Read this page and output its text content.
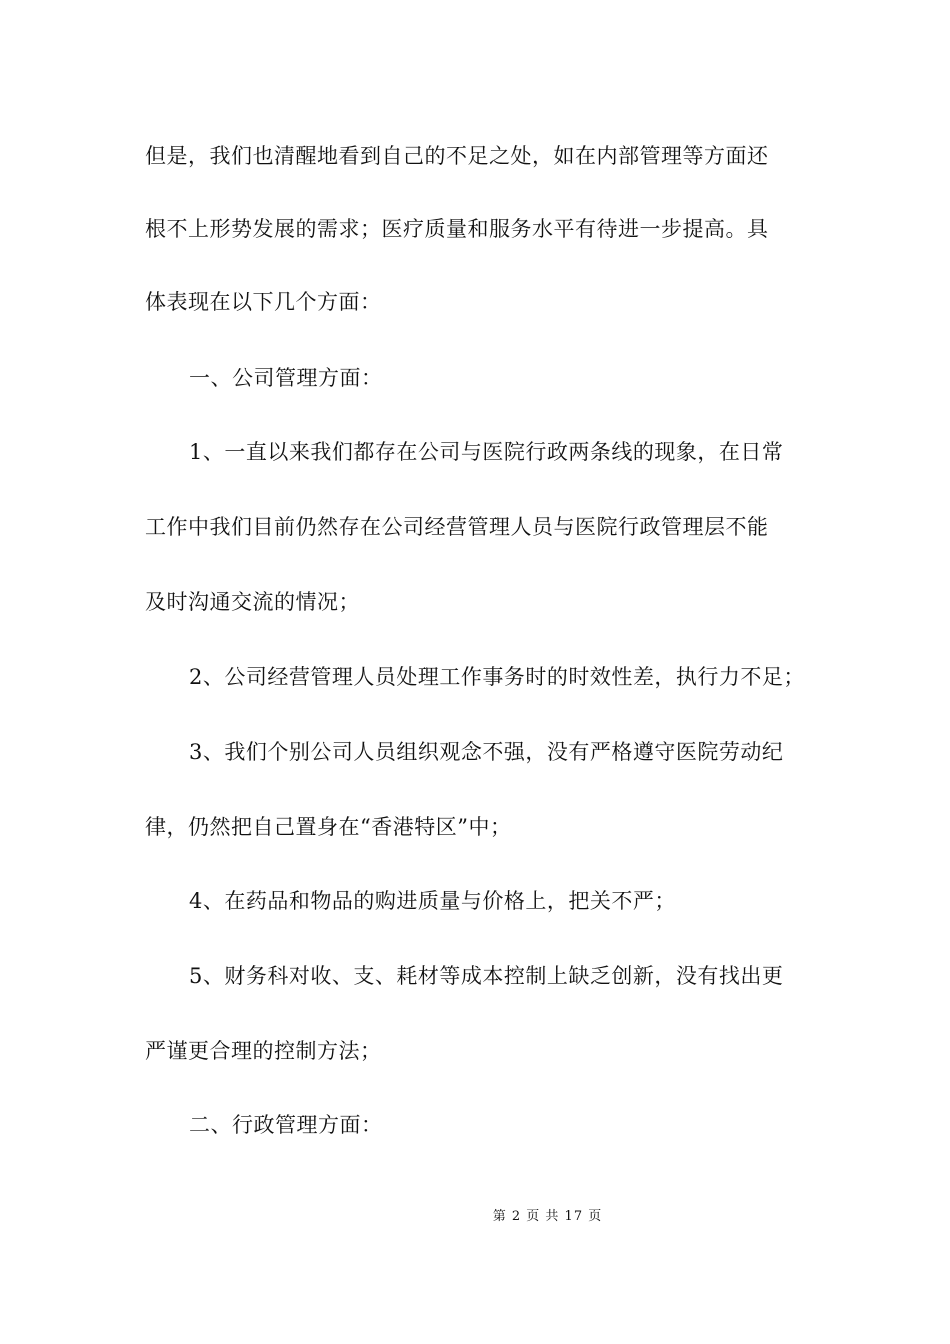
但是，我们也清醒地看到自己的不足之处，如在内部管理等方面还
根不上形势发展的需求；医疗质量和服务水平有待进一步提高。具
体表现在以下几个方面：
一、公司管理方面：
1、一直以来我们都存在公司与医院行政两条线的现象，在日常
工作中我们目前仍然存在公司经营管理人员与医院行政管理层不能
及时沟通交流的情况；
2、公司经营管理人员处理工作事务时的时效性差，执行力不足；
3、我们个别公司人员组织观念不强，没有严格遵守医院劳动纪
律，仍然把自己置身在“香港特区”中；
4、在药品和物品的购进质量与价格上，把关不严；
5、财务科对收、支、耗材等成本控制上缺乏创新，没有找出更
严谨更合理的控制方法；
二、行政管理方面：
第 2 页 共 17 页
